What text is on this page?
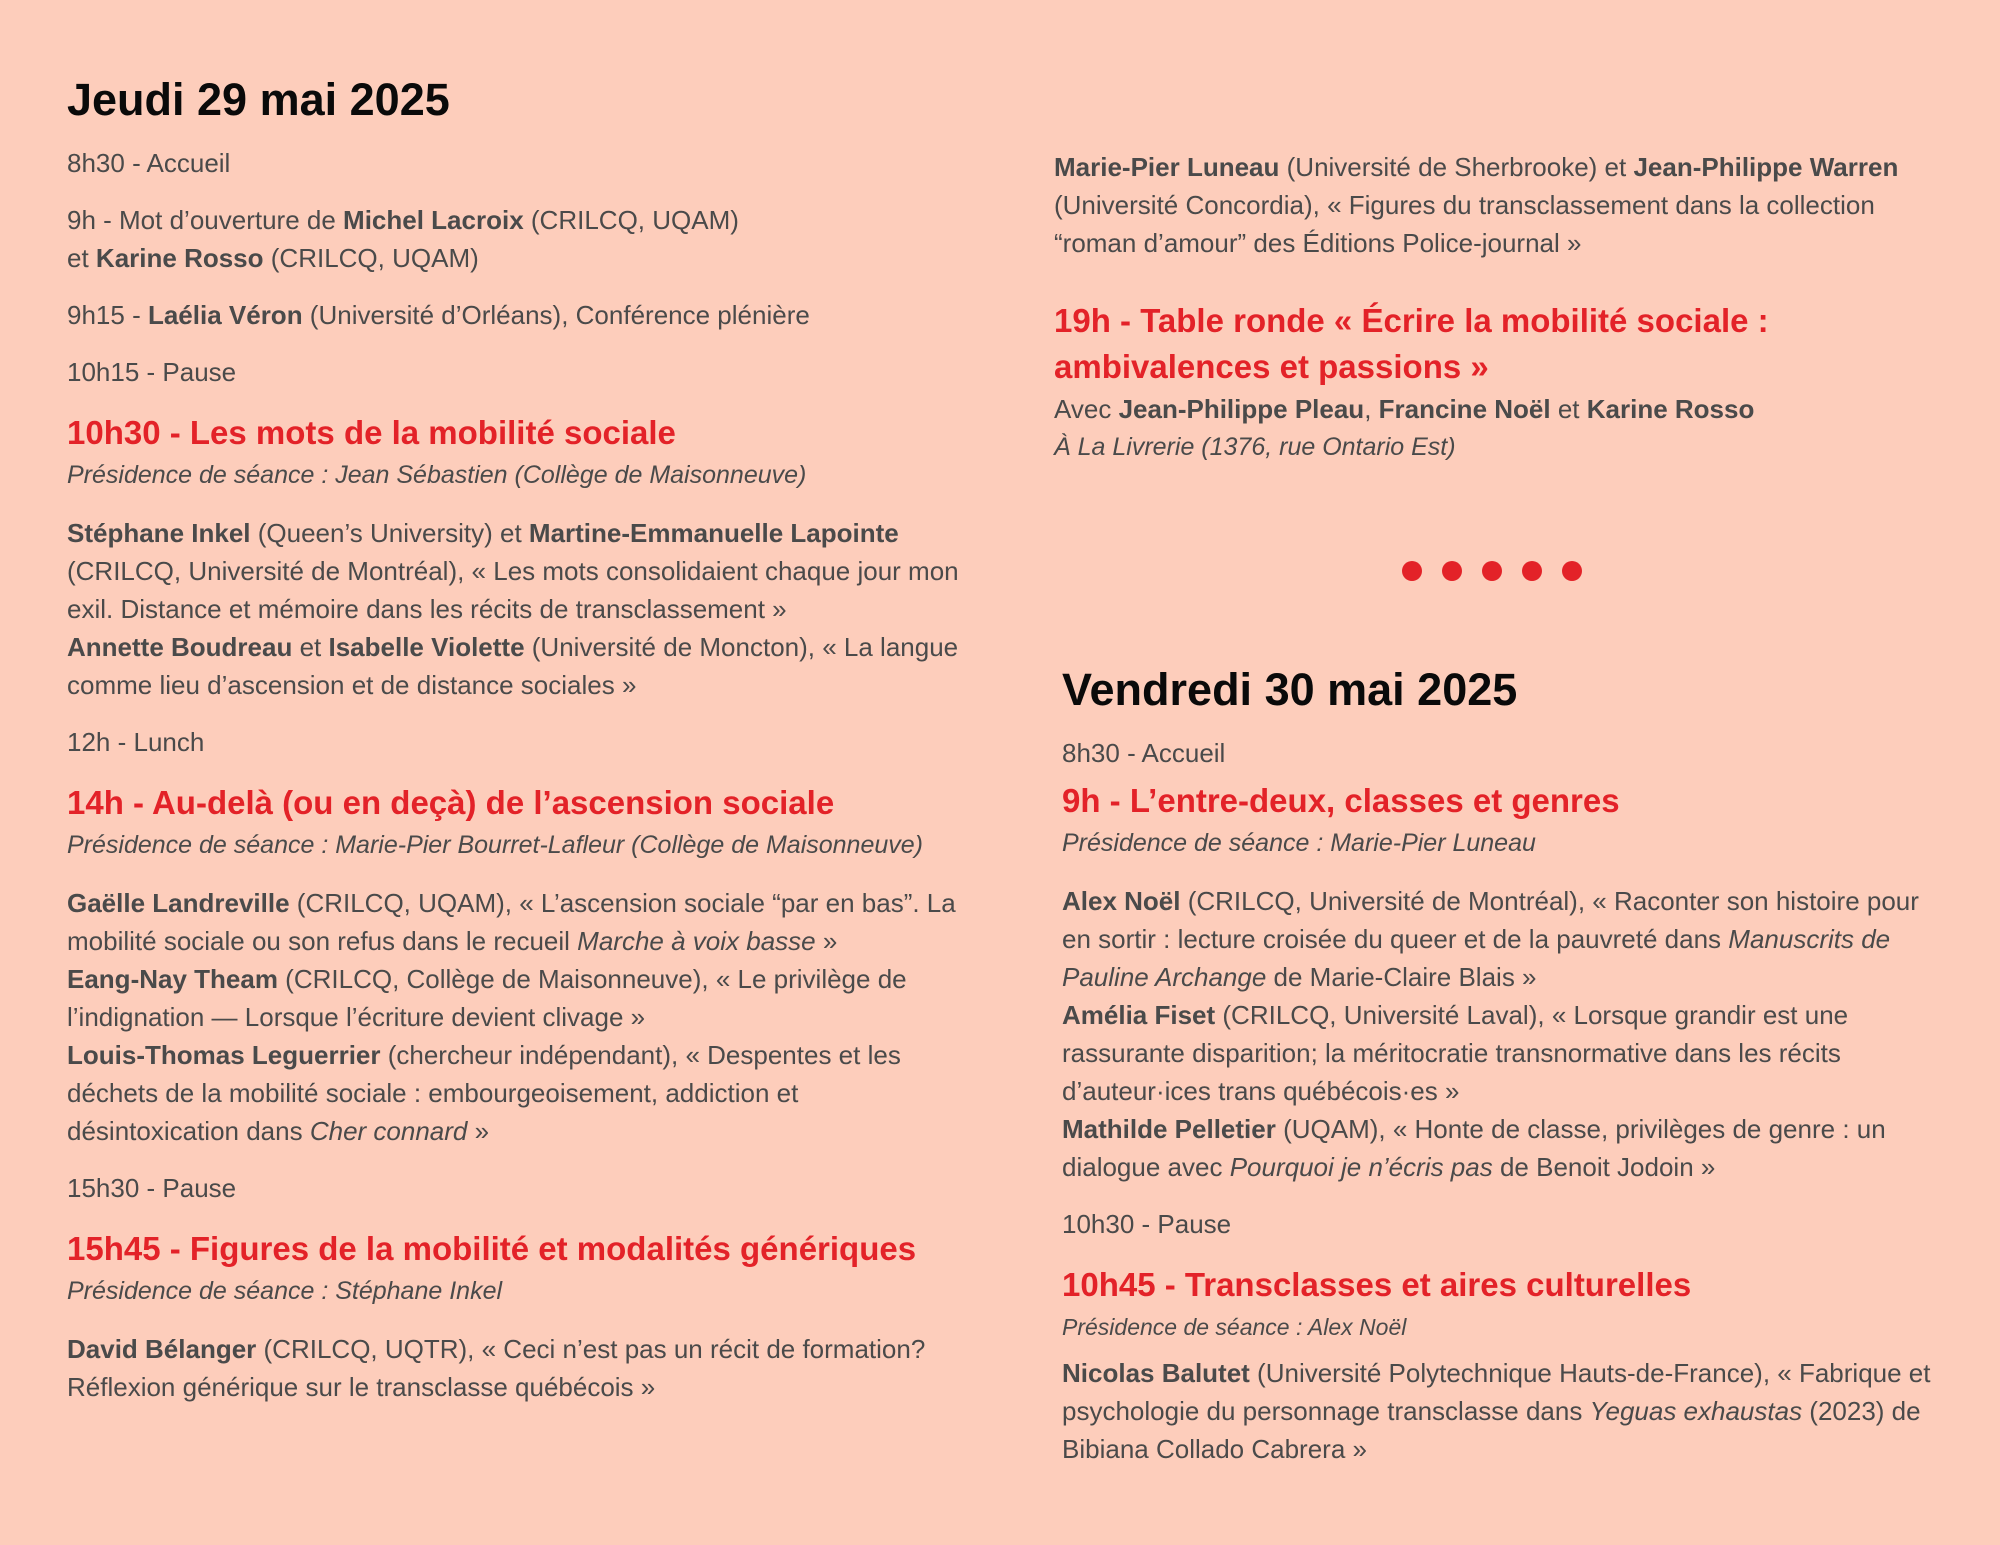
Jeudi 29 mai 2025

8h30 - Accueil

9h - Mot d’ouverture de Michel Lacroix (CRILCQ, UQAM)
et Karine Rosso (CRILCQ, UQAM)

9h15 - Laélia Véron (Université d’Orléans), Conférence plénière

10h15 - Pause

10h30 - Les mots de la mobilité sociale

Présidence de séance : Jean Sébastien (Collège de Maisonneuve)

Stéphane Inkel (Queen’s University) et Martine-Emmanuelle Lapointe (CRILCQ, Université de Montréal), « Les mots consolidaient chaque jour mon exil. Distance et mémoire dans les récits de transclassement »

Annette Boudreau et Isabelle Violette (Université de Moncton), « La langue comme lieu d’ascension et de distance sociales »

12h - Lunch

14h - Au-delà (ou en deçà) de l’ascension sociale

Présidence de séance : Marie-Pier Bourret-Lafleur (Collège de Maisonneuve)

Gaëlle Landreville (CRILCQ, UQAM), « L’ascension sociale “par en bas”. La mobilité sociale ou son refus dans le recueil Marche à voix basse »

Eang-Nay Theam (CRILCQ, Collège de Maisonneuve), « Le privilège de l’indignation — Lorsque l’écriture devient clivage »

Louis-Thomas Leguerrier (chercheur indépendant), « Despentes et les déchets de la mobilité sociale : embourgeoisement, addiction et désintoxication dans Cher connard »

15h30 - Pause

15h45 - Figures de la mobilité et modalités génériques

Présidence de séance : Stéphane Inkel

David Bélanger (CRILCQ, UQTR), « Ceci n’est pas un récit de formation? Réflexion générique sur le transclasse québécois »

Marie-Pier Luneau (Université de Sherbrooke) et Jean-Philippe Warren (Université Concordia), « Figures du transclassement dans la collection “roman d’amour” des Éditions Police-journal »

19h - Table ronde « Écrire la mobilité sociale : ambivalences et passions »

Avec Jean-Philippe Pleau, Francine Noël et Karine Rosso

À La Livrerie (1376, rue Ontario Est)

Vendredi 30 mai 2025

8h30 - Accueil

9h - L’entre-deux, classes et genres

Présidence de séance : Marie-Pier Luneau

Alex Noël (CRILCQ, Université de Montréal), « Raconter son histoire pour en sortir : lecture croisée du queer et de la pauvreté dans Manuscrits de Pauline Archange de Marie-Claire Blais »

Amélia Fiset (CRILCQ, Université Laval), « Lorsque grandir est une rassurante disparition; la méritocratie transnormative dans les récits d’auteur·ices trans québécois·es »

Mathilde Pelletier (UQAM), « Honte de classe, privilèges de genre : un dialogue avec Pourquoi je n’écris pas de Benoit Jodoin »

10h30 - Pause

10h45 - Transclasses et aires culturelles

Présidence de séance : Alex Noël

Nicolas Balutet (Université Polytechnique Hauts-de-France), « Fabrique et psychologie du personnage transclasse dans Yeguas exhaustas (2023) de Bibiana Collado Cabrera »
